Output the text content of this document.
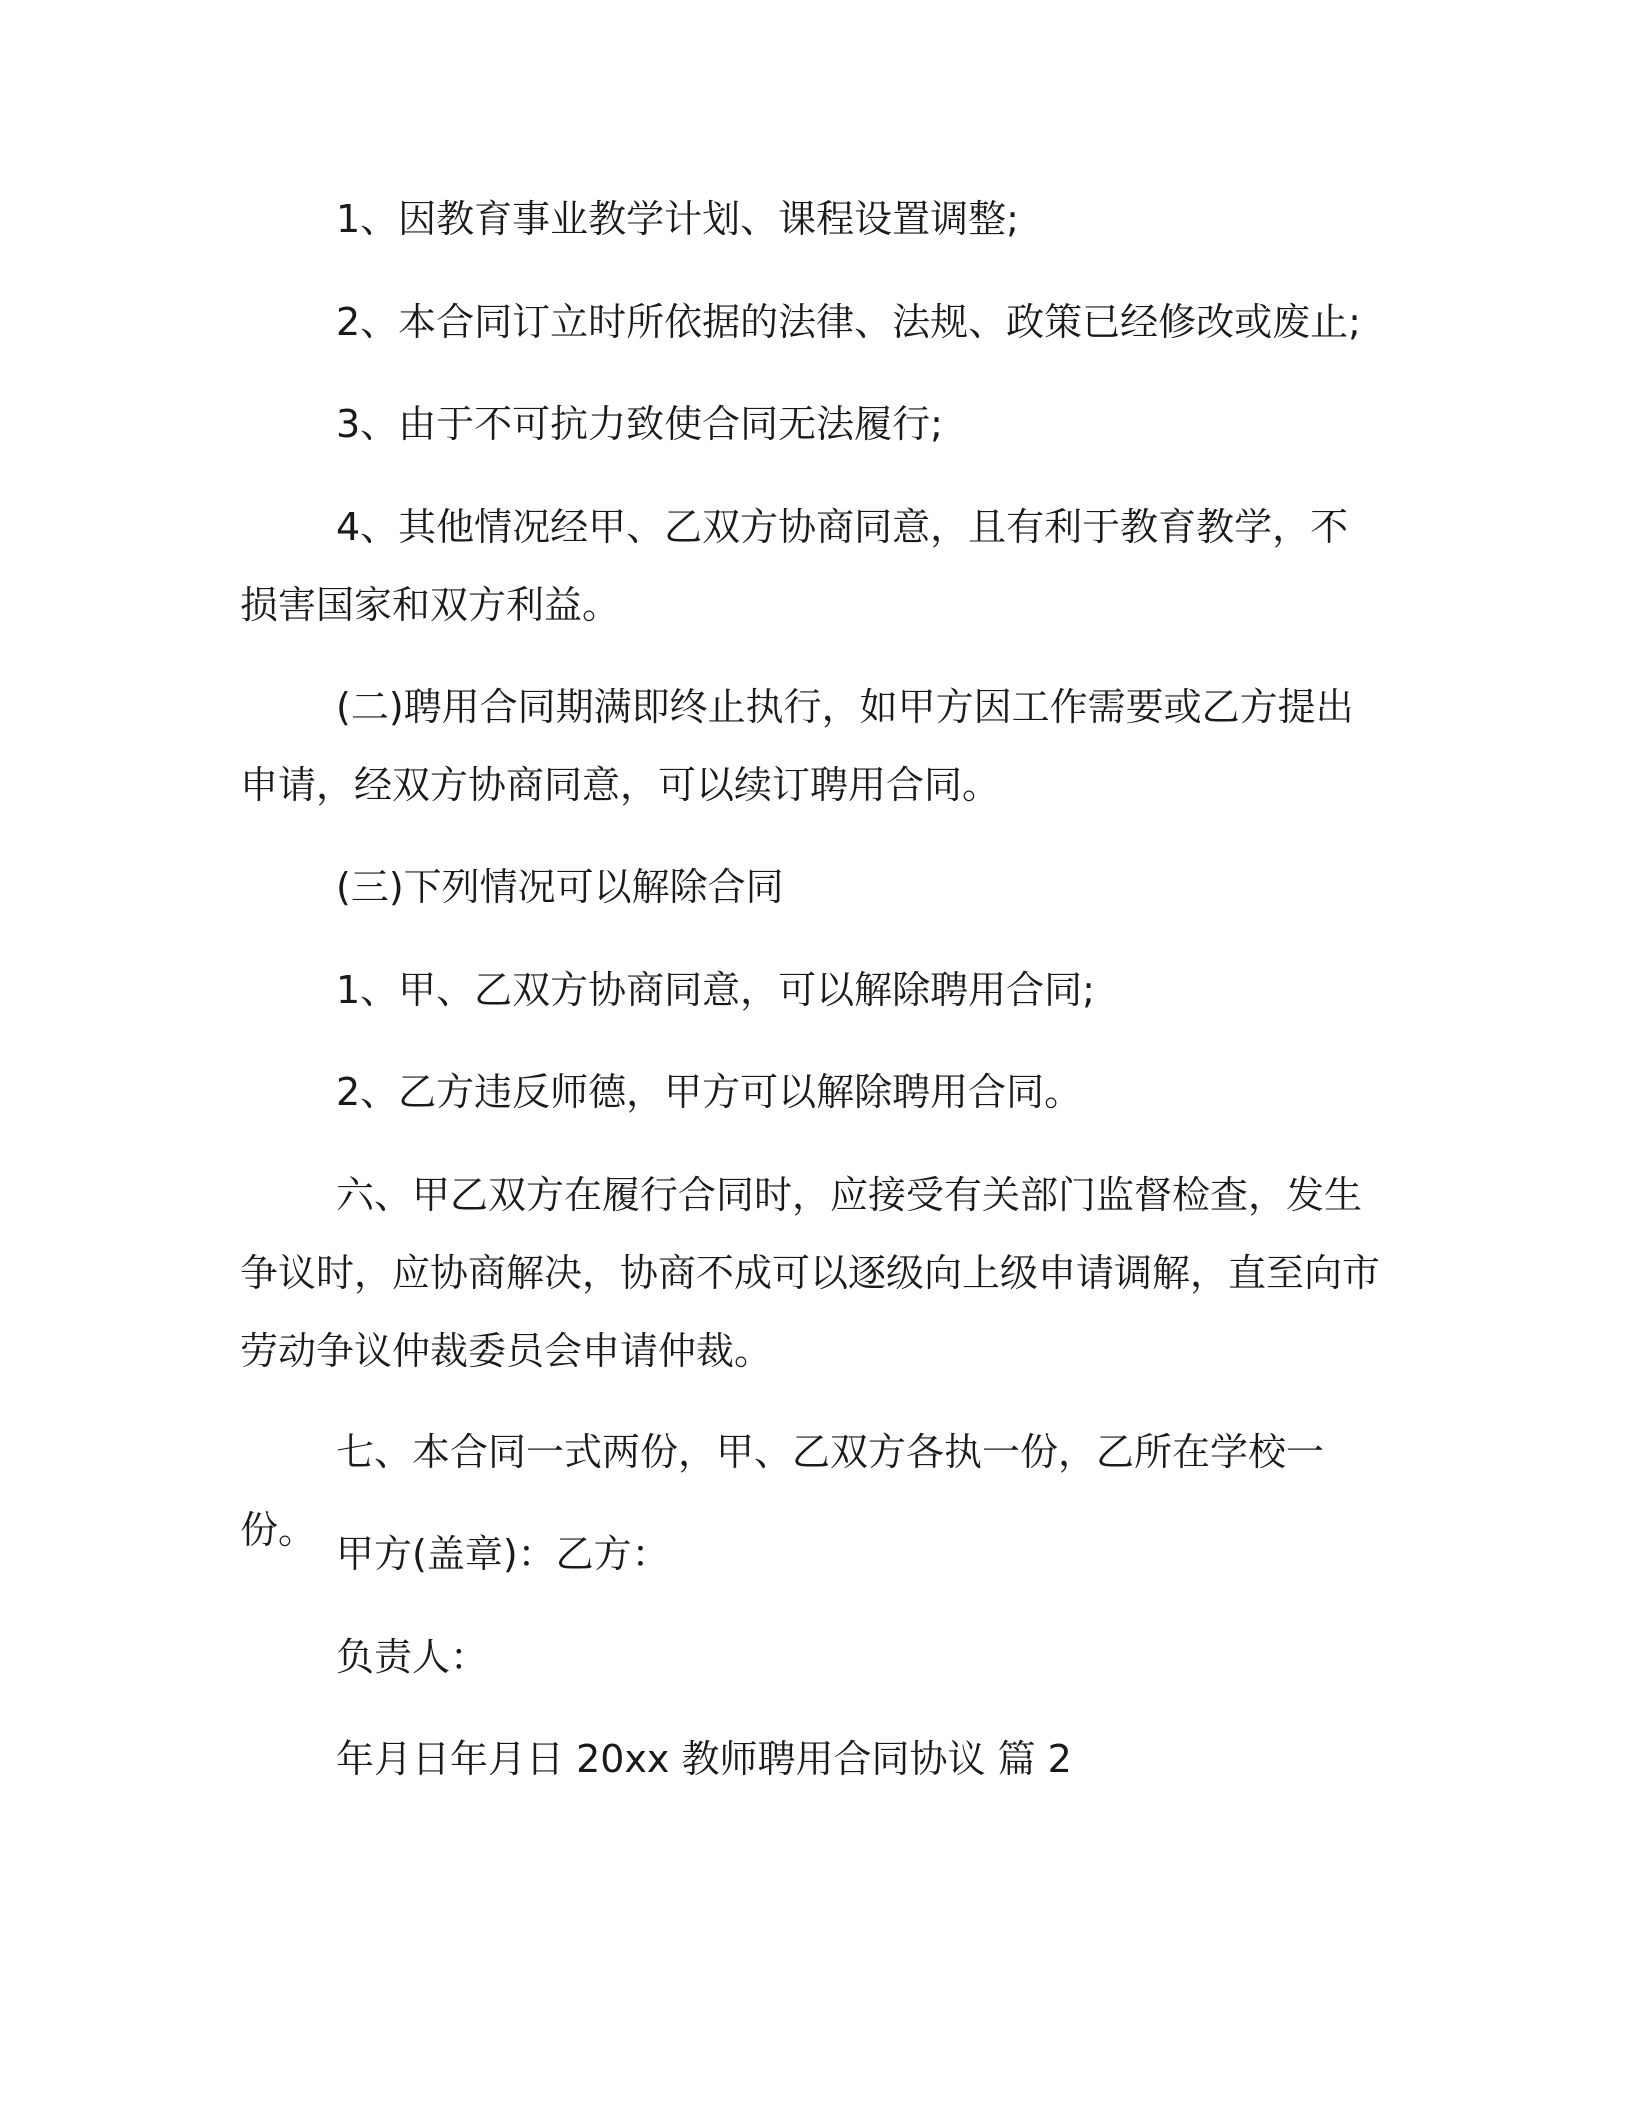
1、因教育事业教学计划、课程设置调整;

2、本合同订立时所依据的法律、法规、政策已经修改或废止;

3、由于不可抗力致使合同无法履行;

4、其他情况经甲、乙双方协商同意，且有利于教育教学，不损害国家和双方利益。

(二)聘用合同期满即终止执行，如甲方因工作需要或乙方提出申请，经双方协商同意，可以续订聘用合同。

(三)下列情况可以解除合同

1、甲、乙双方协商同意，可以解除聘用合同;

2、乙方违反师德，甲方可以解除聘用合同。

六、甲乙双方在履行合同时，应接受有关部门监督检查，发生争议时，应协商解决，协商不成可以逐级向上级申请调解，直至向市劳动争议仲裁委员会申请仲裁。

七、本合同一式两份，甲、乙双方各执一份，乙所在学校一份。

甲方(盖章)：乙方：

负责人：

年月日年月日 20xx 教师聘用合同协议 篇 2
